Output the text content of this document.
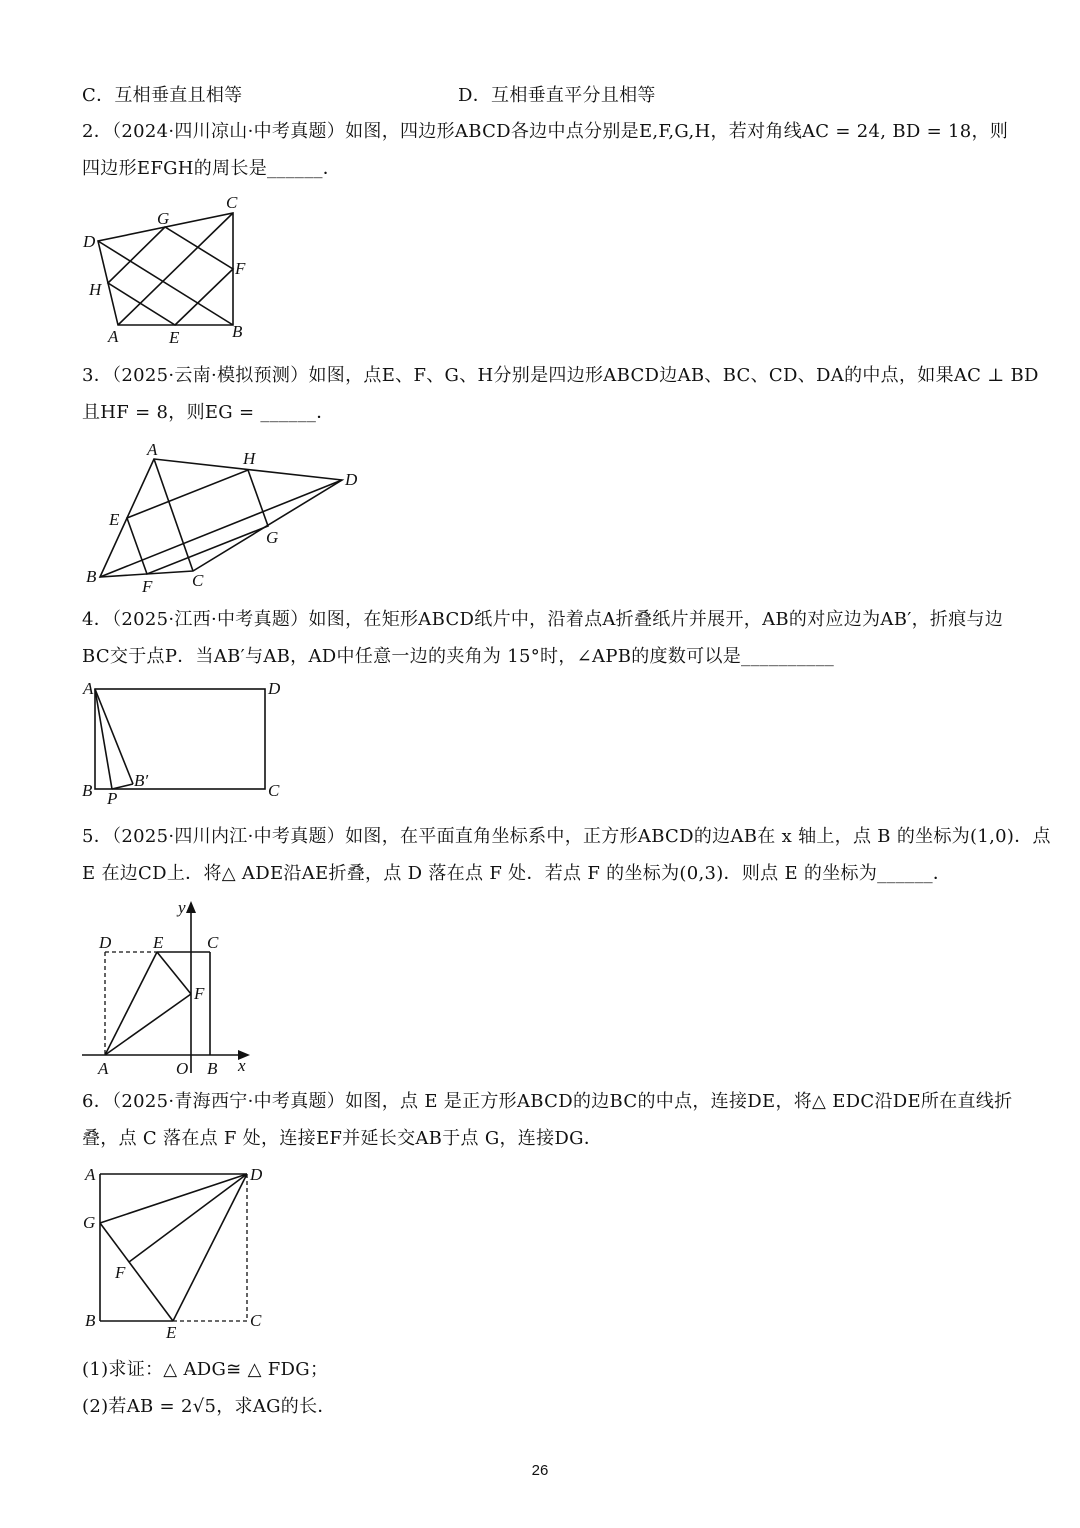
C．互相垂直且相等	D．互相垂直平分且相等
2．（2024·四川凉山·中考真题）如图，四边形ABCD各边中点分别是E,F,G,H，若对角线AC = 24, BD = 18，则
四边形EFGH的周长是______．
A	B
C
D
E
F
G
H
3．（2025·云南·模拟预测）如图，点E、F、G、H分别是四边形ABCD边AB、BC、CD、DA的中点，如果AC ⊥ BD
且HF = 8，则EG = ______．
A
B	C
D
E
F
G
H
4．（2025·江西·中考真题）如图，在矩形ABCD纸片中，沿着点A折叠纸片并展开，AB的对应边为AB′，折痕与边
BC交于点P．当AB′与AB，AD中任意一边的夹角为 15°时，∠APB的度数可以是__________
A	D
B	C
P
B′
5．（2025·四川内江·中考真题）如图，在平面直角坐标系中，正方形ABCD的边AB在 x 轴上，点 B 的坐标为(1,0)．点
E 在边CD上．将△ ADE沿AE折叠，点 D 落在点 F 处．若点 F 的坐标为(0,3)．则点 E 的坐标为______．
A	B
C
D E
F
O	x
y
6．（2025·青海西宁·中考真题）如图，点 E 是正方形ABCD的边BC的中点，连接DE，将△ EDC沿DE所在直线折
叠，点 C 落在点 F 处，连接EF并延长交AB于点 G，连接DG．
A	D
G
F
B
E
C
(1)求证：△ ADG≅ △ FDG；
(2)若AB = 2√5，求AG的长．
26
